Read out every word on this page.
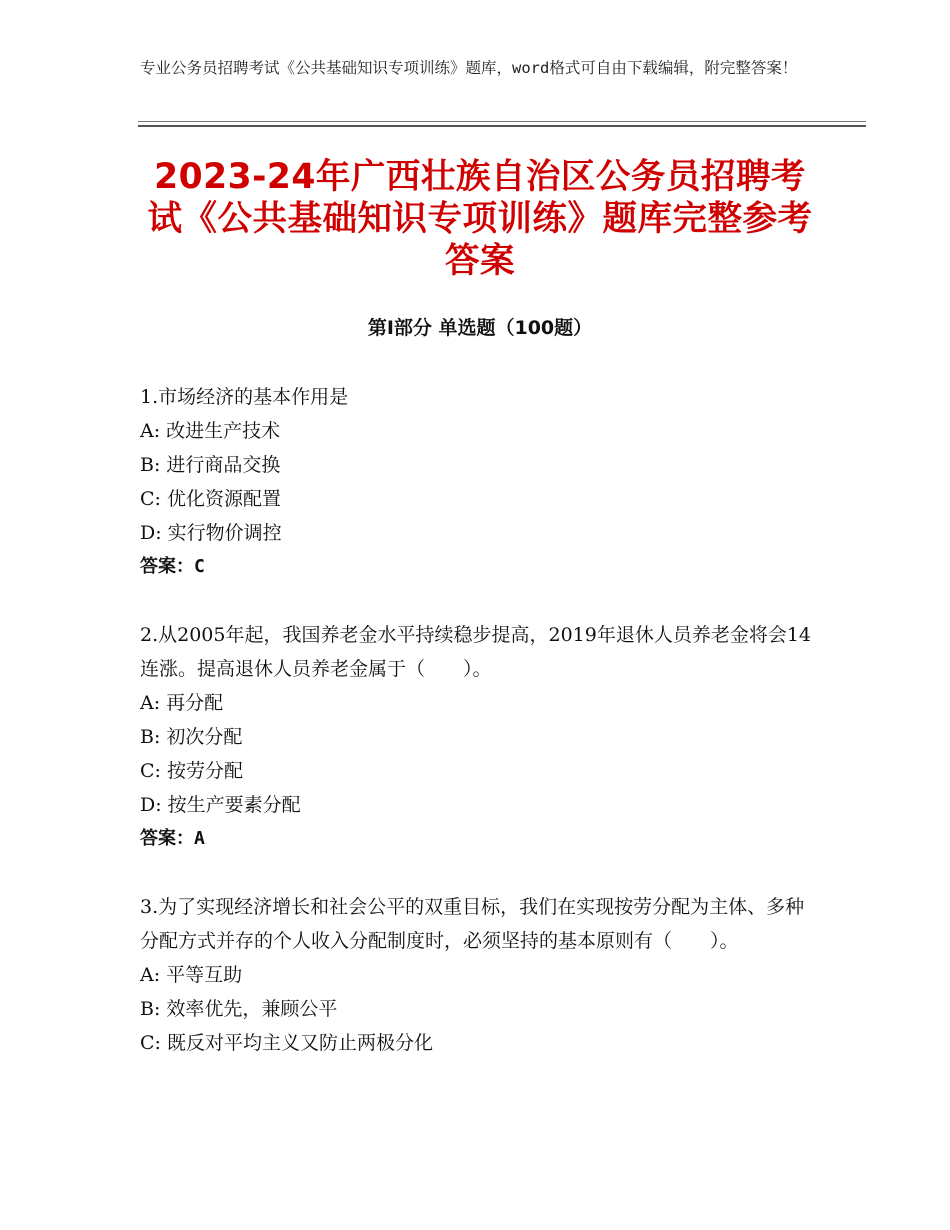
专业公务员招聘考试《公共基础知识专项训练》题库，word格式可自由下载编辑，附完整答案！
2023-24年广西壮族自治区公务员招聘考试《公共基础知识专项训练》题库完整参考答案
第Ⅰ部分 单选题（100题）
1.市场经济的基本作用是
A: 改进生产技术
B: 进行商品交换
C: 优化资源配置
D: 实行物价调控
答案：C
2.从2005年起，我国养老金水平持续稳步提高，2019年退休人员养老金将会14连涨。提高退休人员养老金属于（　　）。
A: 再分配
B: 初次分配
C: 按劳分配
D: 按生产要素分配
答案：A
3.为了实现经济增长和社会公平的双重目标，我们在实现按劳分配为主体、多种分配方式并存的个人收入分配制度时，必须坚持的基本原则有（　　）。
A: 平等互助
B: 效率优先，兼顾公平
C: 既反对平均主义又防止两极分化
